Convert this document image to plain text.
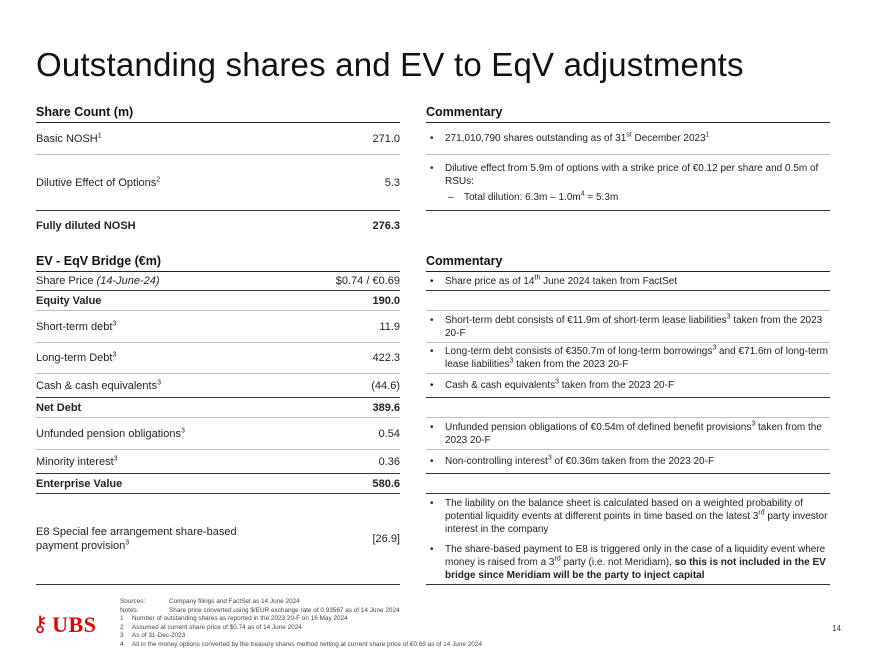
Outstanding shares and EV to EqV adjustments
Share Count (m)
Basic NOSH$^1$	271.0
Dilutive Effect of Options$^2$	5.3
Fully diluted NOSH	276.3
Commentary
•	271,010,790 shares outstanding as of 31st December 2023$^1$
•	Dilutive effect from 5.9m of options with a strike price of €0.12 per share and 0.5m of RSUs:
–	Total dilution: $6.3m - 1.0m^4 = 5.3m$
EV - EqV Bridge (€m)
Share Price (14-June-24)	$0.74 / €0.69
Equity Value	190.0
Short-term debt$^3$	11.9
Long-term Debt$^3$	422.3
Cash & cash equivalents$^3$	(44.6)
Net Debt	389.6
Unfunded pension obligations$^3$	0.54
Minority interest$^3$	0.36
Enterprise Value	580.6
E8 Special fee arrangement share-based payment provision$^3$	[26.9]
Commentary
•	Share price as of 14th June 2024 taken from FactSet
•	Short-term debt consists of €11.9m of short-term lease liabilities$^3$ taken from the 2023 20-F
•	Long-term debt consists of €350.7m of long-term borrowings$^3$ and €71.6m of long-term lease liabilities$^3$ taken from the 2023 20-F
•	Cash & cash equivalents$^3$ taken from the 2023 20-F
•	Unfunded pension obligations of €0.54m of defined benefit provisions$^3$ taken from the 2023 20-F
•	Non-controlling interest$^3$ of €0.36m taken from the 2023 20-F
•	The liability on the balance sheet is calculated based on a weighted probability of potential liquidity events at different points in time based on the latest 3rd party investor interest in the company
•	The share-based payment to E8 is triggered only in the case of a liquidity event where money is raised from a 3rd party (i.e. not Meridiam), so this is not included in the EV bridge since Meridiam will be the party to inject capital
⚷ UBS
Sources:	Company filings and FactSet as 14 June 2024
Notes:	Share price converted using $/EUR exchange rate of 0.93567 as of 14 June 2024
1	Number of outstanding shares as reported in the 2023 20-F on 16 May 2024
2	Assumed at current share price of $0.74 as of 14 June 2024
3	As of 31-Dec-2023
4	All in the money options converted by the treasury shares method netting at current share price of €0.69 as of 14 June 2024
14
